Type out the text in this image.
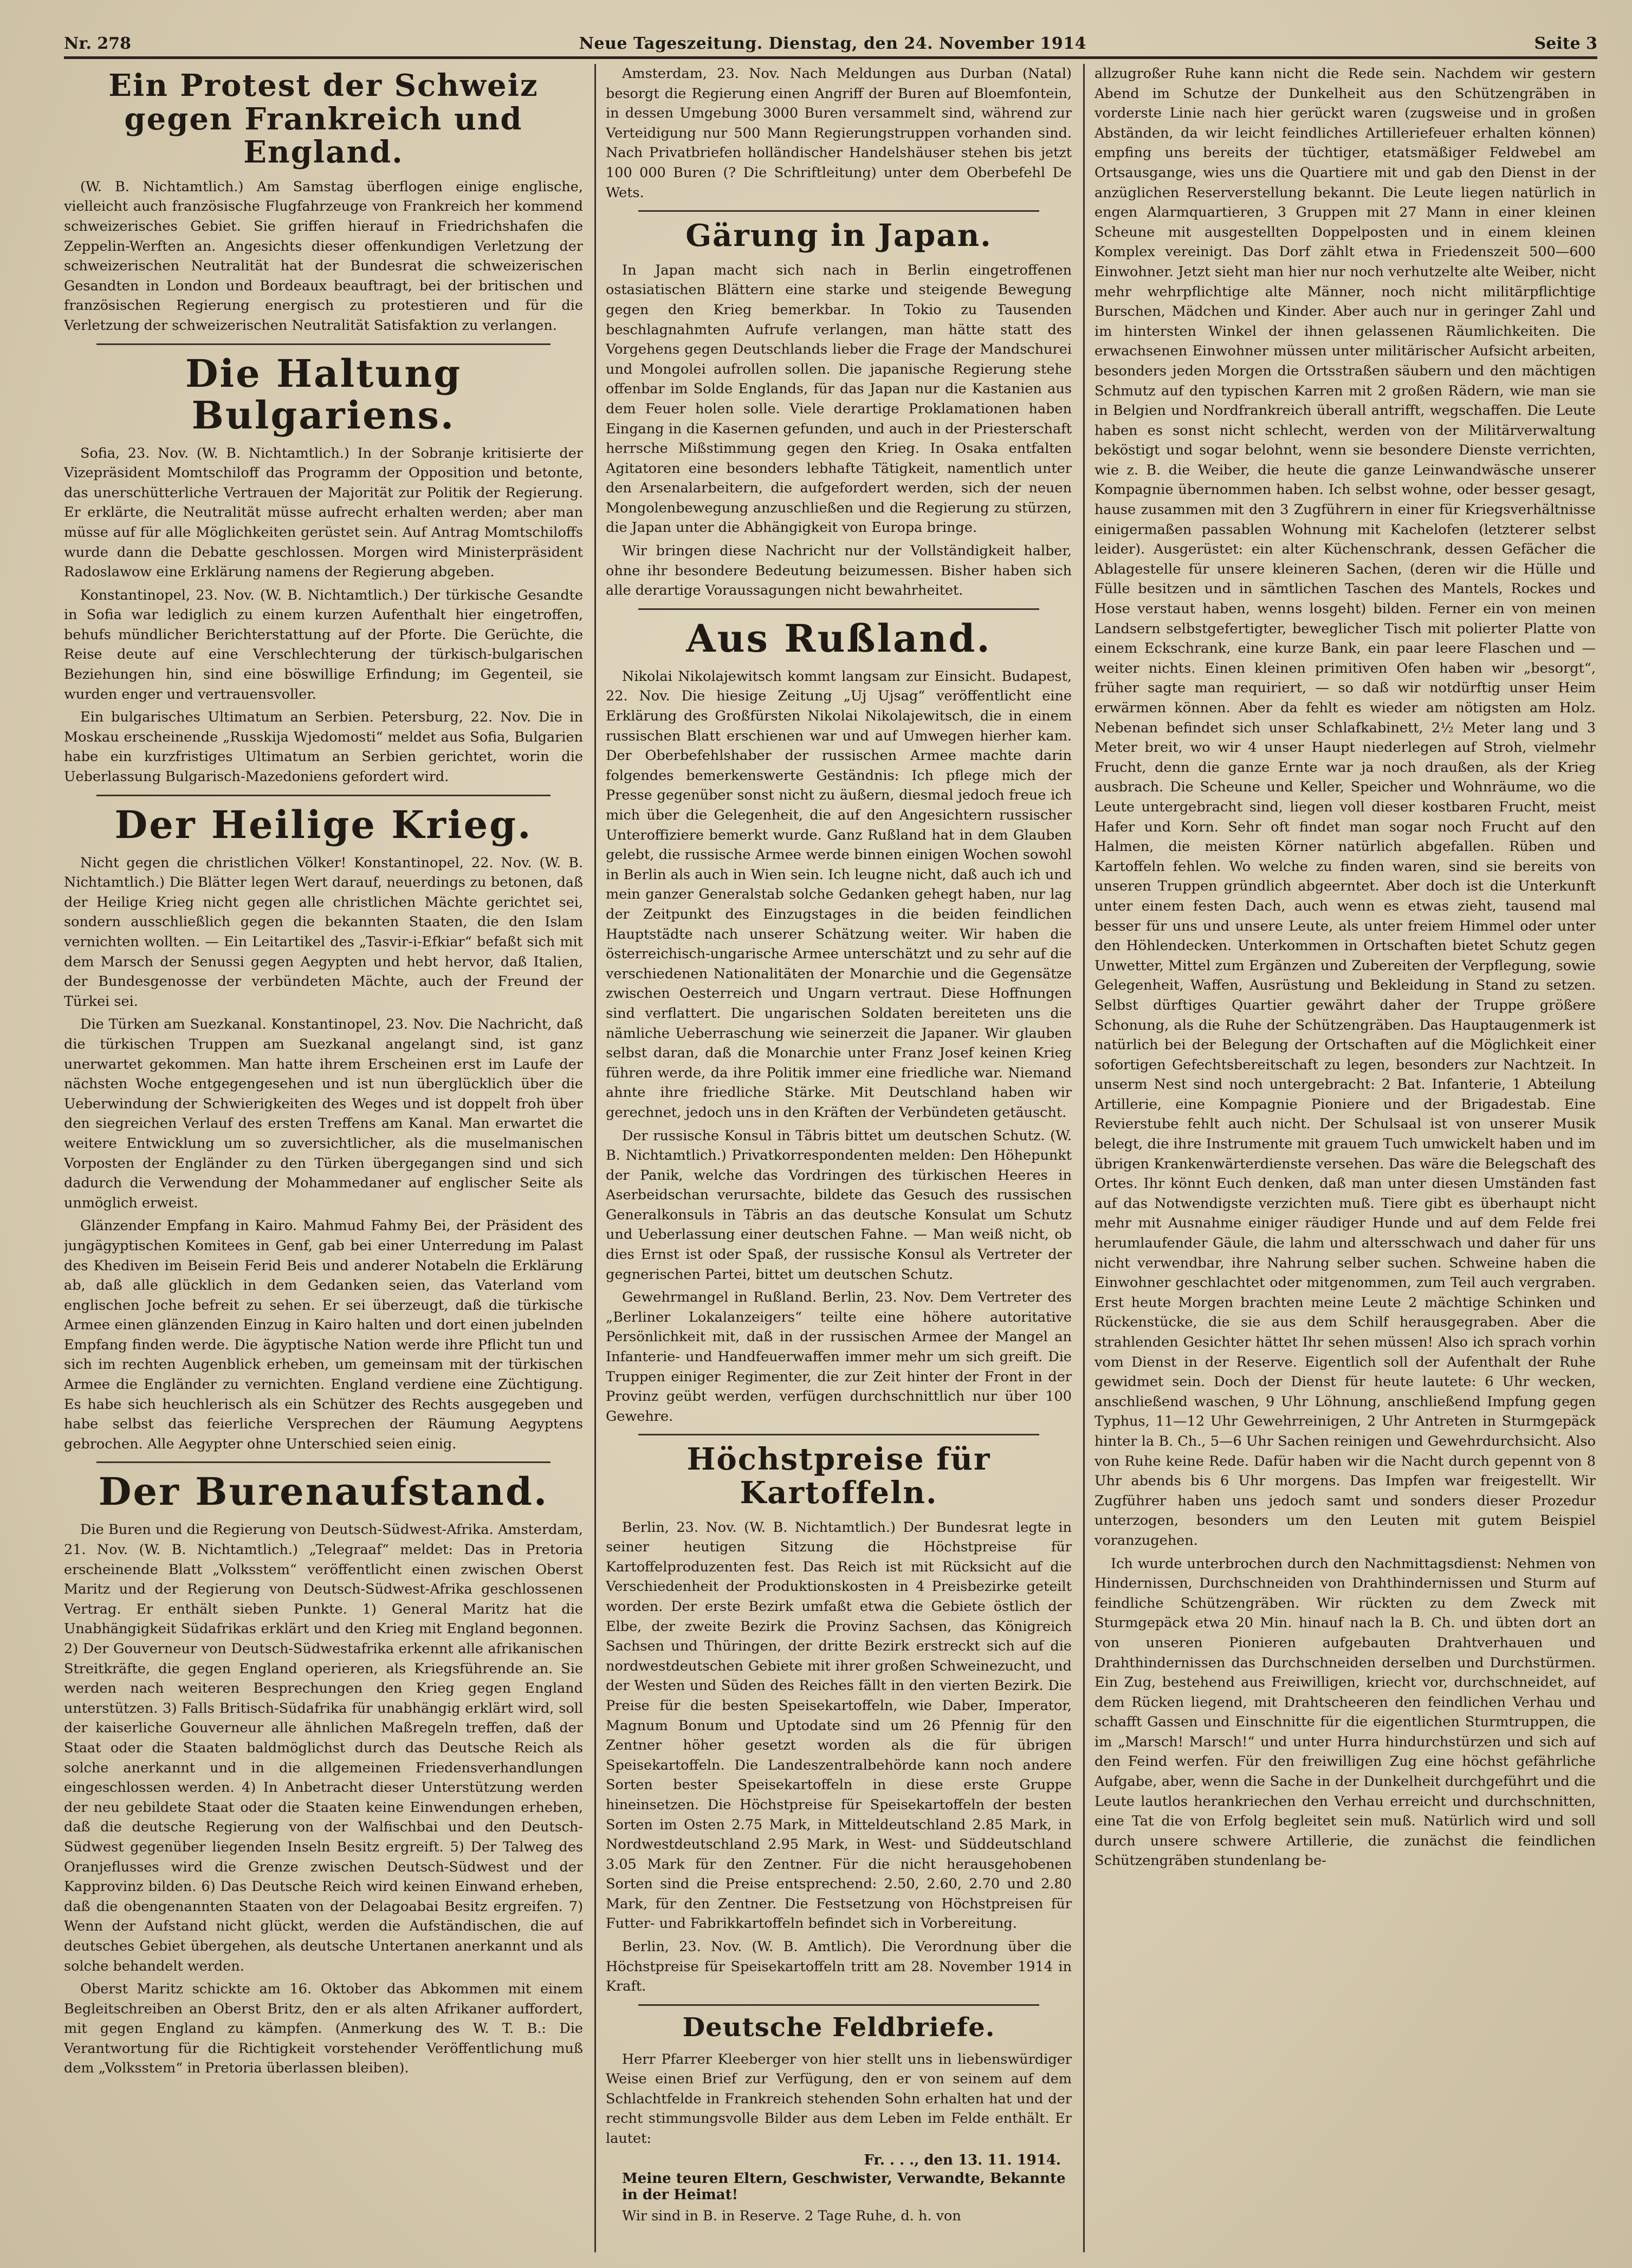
Nr. 278	Neue Tageszeitung. Dienstag, den 24. November 1914	Seite 3
Ein Protest der Schweiz gegen Frankreich und England.

(W. B. Nichtamtlich.) Am Samstag überflogen einige englische, vielleicht auch französische Flugfahrzeuge von Frankreich her kommend schweizerisches Gebiet. Sie griffen hierauf in Friedrichshafen die Zeppelin-Werften an. Angesichts dieser offenkundigen Verletzung der schweizerischen Neutralität hat der Bundesrat die schweizerischen Gesandten in London und Bordeaux beauftragt, bei der britischen und französischen Regierung energisch zu protestieren und für die Verletzung der schweizerischen Neutralität Satisfaktion zu verlangen.

Die Haltung Bulgariens.

Sofia, 23. Nov. (W. B. Nichtamtlich.) In der Sobranje kritisierte der Vizepräsident Momtschiloff das Programm der Opposition und betonte, das unerschütterliche Vertrauen der Majorität zur Politik der Regierung. Er erklärte, die Neutralität müsse aufrecht erhalten werden; aber man müsse auf für alle Möglichkeiten gerüstet sein. Auf Antrag Momtschiloffs wurde dann die Debatte geschlossen. Morgen wird Ministerpräsident Radoslawow eine Erklärung namens der Regierung abgeben.

Konstantinopel, 23. Nov. (W. B. Nichtamtlich.) Der türkische Gesandte in Sofia war lediglich zu einem kurzen Aufenthalt hier eingetroffen, behufs mündlicher Berichterstattung auf der Pforte. Die Gerüchte, die Reise deute auf eine Verschlechterung der türkisch-bulgarischen Beziehungen hin, sind eine böswillige Erfindung; im Gegenteil, sie wurden enger und vertrauensvoller.

Ein bulgarisches Ultimatum an Serbien. Petersburg, 22. Nov. Die in Moskau erscheinende „Russkija Wjedomosti“ meldet aus Sofia, Bulgarien habe ein kurzfristiges Ultimatum an Serbien gerichtet, worin die Ueberlassung Bulgarisch-Mazedoniens gefordert wird.

Der Heilige Krieg.

Nicht gegen die christlichen Völker! Konstantinopel, 22. Nov. (W. B. Nichtamtlich.) Die Blätter legen Wert darauf, neuerdings zu betonen, daß der Heilige Krieg nicht gegen alle christlichen Mächte gerichtet sei, sondern ausschließlich gegen die bekannten Staaten, die den Islam vernichten wollten. — Ein Leitartikel des „Tasvir-i-Efkiar“ befaßt sich mit dem Marsch der Senussi gegen Aegypten und hebt hervor, daß Italien, der Bundesgenosse der verbündeten Mächte, auch der Freund der Türkei sei.

Die Türken am Suezkanal. Konstantinopel, 23. Nov. Die Nachricht, daß die türkischen Truppen am Suezkanal angelangt sind, ist ganz unerwartet gekommen. Man hatte ihrem Erscheinen erst im Laufe der nächsten Woche entgegengesehen und ist nun überglücklich über die Ueberwindung der Schwierigkeiten des Weges und ist doppelt froh über den siegreichen Verlauf des ersten Treffens am Kanal. Man erwartet die weitere Entwicklung um so zuversichtlicher, als die muselmanischen Vorposten der Engländer zu den Türken übergegangen sind und sich dadurch die Verwendung der Mohammedaner auf englischer Seite als unmöglich erweist.

Glänzender Empfang in Kairo. Mahmud Fahmy Bei, der Präsident des jungägyptischen Komitees in Genf, gab bei einer Unterredung im Palast des Khediven im Beisein Ferid Beis und anderer Notabeln die Erklärung ab, daß alle glücklich in dem Gedanken seien, das Vaterland vom englischen Joche befreit zu sehen. Er sei überzeugt, daß die türkische Armee einen glänzenden Einzug in Kairo halten und dort einen jubelnden Empfang finden werde. Die ägyptische Nation werde ihre Pflicht tun und sich im rechten Augenblick erheben, um gemeinsam mit der türkischen Armee die Engländer zu vernichten. England verdiene eine Züchtigung. Es habe sich heuchlerisch als ein Schützer des Rechts ausgegeben und habe selbst das feierliche Versprechen der Räumung Aegyptens gebrochen. Alle Aegypter ohne Unterschied seien einig.

Der Burenaufstand.

Die Buren und die Regierung von Deutsch-Südwest-Afrika. Amsterdam, 21. Nov. (W. B. Nichtamtlich.) „Telegraaf“ meldet: Das in Pretoria erscheinende Blatt „Volksstem“ veröffentlicht einen zwischen Oberst Maritz und der Regierung von Deutsch-Südwest-Afrika geschlossenen Vertrag. Er enthält sieben Punkte. 1) General Maritz hat die Unabhängigkeit Südafrikas erklärt und den Krieg mit England begonnen. 2) Der Gouverneur von Deutsch-Südwestafrika erkennt alle afrikanischen Streitkräfte, die gegen England operieren, als Kriegsführende an. Sie werden nach weiteren Besprechungen den Krieg gegen England unterstützen. 3) Falls Britisch-Südafrika für unabhängig erklärt wird, soll der kaiserliche Gouverneur alle ähnlichen Maßregeln treffen, daß der Staat oder die Staaten baldmöglichst durch das Deutsche Reich als solche anerkannt und in die allgemeinen Friedensverhandlungen eingeschlossen werden. 4) In Anbetracht dieser Unterstützung werden der neu gebildete Staat oder die Staaten keine Einwendungen erheben, daß die deutsche Regierung von der Walfischbai und den Deutsch-Südwest gegenüber liegenden Inseln Besitz ergreift. 5) Der Talweg des Oranjeflusses wird die Grenze zwischen Deutsch-Südwest und der Kapprovinz bilden. 6) Das Deutsche Reich wird keinen Einwand erheben, daß die obengenannten Staaten von der Delagoabai Besitz ergreifen. 7) Wenn der Aufstand nicht glückt, werden die Aufständischen, die auf deutsches Gebiet übergehen, als deutsche Untertanen anerkannt und als solche behandelt werden.

Oberst Maritz schickte am 16. Oktober das Abkommen mit einem Begleitschreiben an Oberst Britz, den er als alten Afrikaner auffordert, mit gegen England zu kämpfen. (Anmerkung des W. T. B.: Die Verantwortung für die Richtigkeit vorstehender Veröffentlichung muß dem „Volksstem“ in Pretoria überlassen bleiben).

Amsterdam, 23. Nov. Nach Meldungen aus Durban (Natal) besorgt die Regierung einen Angriff der Buren auf Bloemfontein, in dessen Umgebung 3000 Buren versammelt sind, während zur Verteidigung nur 500 Mann Regierungstruppen vorhanden sind. Nach Privatbriefen holländischer Handelshäuser stehen bis jetzt 100 000 Buren (? Die Schriftleitung) unter dem Oberbefehl De Wets.

Gärung in Japan.

In Japan macht sich nach in Berlin eingetroffenen ostasiatischen Blättern eine starke und steigende Bewegung gegen den Krieg bemerkbar. In Tokio zu Tausenden beschlagnahmten Aufrufe verlangen, man hätte statt des Vorgehens gegen Deutschlands lieber die Frage der Mandschurei und Mongolei aufrollen sollen. Die japanische Regierung stehe offenbar im Solde Englands, für das Japan nur die Kastanien aus dem Feuer holen solle. Viele derartige Proklamationen haben Eingang in die Kasernen gefunden, und auch in der Priesterschaft herrsche Mißstimmung gegen den Krieg. In Osaka entfalten Agitatoren eine besonders lebhafte Tätigkeit, namentlich unter den Arsenalarbeitern, die aufgefordert werden, sich der neuen Mongolenbewegung anzuschließen und die Regierung zu stürzen, die Japan unter die Abhängigkeit von Europa bringe.

Wir bringen diese Nachricht nur der Vollständigkeit halber, ohne ihr besondere Bedeutung beizumessen. Bisher haben sich alle derartige Voraussagungen nicht bewahrheitet.

Aus Rußland.

Nikolai Nikolajewitsch kommt langsam zur Einsicht. Budapest, 22. Nov. Die hiesige Zeitung „Uj Ujsag“ veröffentlicht eine Erklärung des Großfürsten Nikolai Nikolajewitsch, die in einem russischen Blatt erschienen war und auf Umwegen hierher kam. Der Oberbefehlshaber der russischen Armee machte darin folgendes bemerkenswerte Geständnis: Ich pflege mich der Presse gegenüber sonst nicht zu äußern, diesmal jedoch freue ich mich über die Gelegenheit, die auf den Angesichtern russischer Unteroffiziere bemerkt wurde. Ganz Rußland hat in dem Glauben gelebt, die russische Armee werde binnen einigen Wochen sowohl in Berlin als auch in Wien sein. Ich leugne nicht, daß auch ich und mein ganzer Generalstab solche Gedanken gehegt haben, nur lag der Zeitpunkt des Einzugstages in die beiden feindlichen Hauptstädte nach unserer Schätzung weiter. Wir haben die österreichisch-ungarische Armee unterschätzt und zu sehr auf die verschiedenen Nationalitäten der Monarchie und die Gegensätze zwischen Oesterreich und Ungarn vertraut. Diese Hoffnungen sind verflattert. Die ungarischen Soldaten bereiteten uns die nämliche Ueberraschung wie seinerzeit die Japaner. Wir glauben selbst daran, daß die Monarchie unter Franz Josef keinen Krieg führen werde, da ihre Politik immer eine friedliche war. Niemand ahnte ihre friedliche Stärke. Mit Deutschland haben wir gerechnet, jedoch uns in den Kräften der Verbündeten getäuscht.

Der russische Konsul in Täbris bittet um deutschen Schutz. (W. B. Nichtamtlich.) Privatkorrespondenten melden: Den Höhepunkt der Panik, welche das Vordringen des türkischen Heeres in Aserbeidschan verursachte, bildete das Gesuch des russischen Generalkonsuls in Täbris an das deutsche Konsulat um Schutz und Ueberlassung einer deutschen Fahne. — Man weiß nicht, ob dies Ernst ist oder Spaß, der russische Konsul als Vertreter der gegnerischen Partei, bittet um deutschen Schutz.

Gewehrmangel in Rußland. Berlin, 23. Nov. Dem Vertreter des „Berliner Lokalanzeigers“ teilte eine höhere autoritative Persönlichkeit mit, daß in der russischen Armee der Mangel an Infanterie- und Handfeuerwaffen immer mehr um sich greift. Die Truppen einiger Regimenter, die zur Zeit hinter der Front in der Provinz geübt werden, verfügen durchschnittlich nur über 100 Gewehre.

Höchstpreise für Kartoffeln.

Berlin, 23. Nov. (W. B. Nichtamtlich.) Der Bundesrat legte in seiner heutigen Sitzung die Höchstpreise für Kartoffelproduzenten fest. Das Reich ist mit Rücksicht auf die Verschiedenheit der Produktionskosten in 4 Preisbezirke geteilt worden. Der erste Bezirk umfaßt etwa die Gebiete östlich der Elbe, der zweite Bezirk die Provinz Sachsen, das Königreich Sachsen und Thüringen, der dritte Bezirk erstreckt sich auf die nordwestdeutschen Gebiete mit ihrer großen Schweinezucht, und der Westen und Süden des Reiches fällt in den vierten Bezirk. Die Preise für die besten Speisekartoffeln, wie Daber, Imperator, Magnum Bonum und Uptodate sind um 26 Pfennig für den Zentner höher gesetzt worden als die für übrigen Speisekartoffeln. Die Landeszentralbehörde kann noch andere Sorten bester Speisekartoffeln in diese erste Gruppe hineinsetzen. Die Höchstpreise für Speisekartoffeln der besten Sorten im Osten 2.75 Mark, in Mitteldeutschland 2.85 Mark, in Nordwestdeutschland 2.95 Mark, in West- und Süddeutschland 3.05 Mark für den Zentner. Für die nicht herausgehobenen Sorten sind die Preise entsprechend: 2.50, 2.60, 2.70 und 2.80 Mark, für den Zentner. Die Festsetzung von Höchstpreisen für Futter- und Fabrikkartoffeln befindet sich in Vorbereitung.

Berlin, 23. Nov. (W. B. Amtlich). Die Verordnung über die Höchstpreise für Speisekartoffeln tritt am 28. November 1914 in Kraft.

Deutsche Feldbriefe.

Herr Pfarrer Kleeberger von hier stellt uns in liebenswürdiger Weise einen Brief zur Verfügung, den er von seinem auf dem Schlachtfelde in Frankreich stehenden Sohn erhalten hat und der recht stimmungsvolle Bilder aus dem Leben im Felde enthält. Er lautet:

Fr. . . ., den 13. 11. 1914.
Meine teuren Eltern, Geschwister, Verwandte, Bekannte in der Heimat!

Wir sind in B. in Reserve. 2 Tage Ruhe, d. h. von

allzugroßer Ruhe kann nicht die Rede sein. Nachdem wir gestern Abend im Schutze der Dunkelheit aus den Schützengräben in vorderste Linie nach hier gerückt waren (zugsweise und in großen Abständen, da wir leicht feindliches Artilleriefeuer erhalten können) empfing uns bereits der tüchtiger, etatsmäßiger Feldwebel am Ortsausgange, wies uns die Quartiere mit und gab den Dienst in der anzüglichen Reserverstellung bekannt. Die Leute liegen natürlich in engen Alarmquartieren, 3 Gruppen mit 27 Mann in einer kleinen Scheune mit ausgestellten Doppelposten und in einem kleinen Komplex vereinigt. Das Dorf zählt etwa in Friedenszeit 500—600 Einwohner. Jetzt sieht man hier nur noch verhutzelte alte Weiber, nicht mehr wehrpflichtige alte Männer, noch nicht militärpflichtige Burschen, Mädchen und Kinder. Aber auch nur in geringer Zahl und im hintersten Winkel der ihnen gelassenen Räumlichkeiten. Die erwachsenen Einwohner müssen unter militärischer Aufsicht arbeiten, besonders jeden Morgen die Ortsstraßen säubern und den mächtigen Schmutz auf den typischen Karren mit 2 großen Rädern, wie man sie in Belgien und Nordfrankreich überall antrifft, wegschaffen. Die Leute haben es sonst nicht schlecht, werden von der Militärverwaltung beköstigt und sogar belohnt, wenn sie besondere Dienste verrichten, wie z. B. die Weiber, die heute die ganze Leinwandwäsche unserer Kompagnie übernommen haben. Ich selbst wohne, oder besser gesagt, hause zusammen mit den 3 Zugführern in einer für Kriegsverhältnisse einigermaßen passablen Wohnung mit Kachelofen (letzterer selbst leider). Ausgerüstet: ein alter Küchenschrank, dessen Gefächer die Ablagestelle für unsere kleineren Sachen, (deren wir die Hülle und Fülle besitzen und in sämtlichen Taschen des Mantels, Rockes und Hose verstaut haben, wenns losgeht) bilden. Ferner ein von meinen Landsern selbstgefertigter, beweglicher Tisch mit polierter Platte von einem Eckschrank, eine kurze Bank, ein paar leere Flaschen und — weiter nichts. Einen kleinen primitiven Ofen haben wir „besorgt“, früher sagte man requiriert, — so daß wir notdürftig unser Heim erwärmen können. Aber da fehlt es wieder am nötigsten am Holz. Nebenan befindet sich unser Schlafkabinett, 2½ Meter lang und 3 Meter breit, wo wir 4 unser Haupt niederlegen auf Stroh, vielmehr Frucht, denn die ganze Ernte war ja noch draußen, als der Krieg ausbrach. Die Scheune und Keller, Speicher und Wohnräume, wo die Leute untergebracht sind, liegen voll dieser kostbaren Frucht, meist Hafer und Korn. Sehr oft findet man sogar noch Frucht auf den Halmen, die meisten Körner natürlich abgefallen. Rüben und Kartoffeln fehlen. Wo welche zu finden waren, sind sie bereits von unseren Truppen gründlich abgeerntet. Aber doch ist die Unterkunft unter einem festen Dach, auch wenn es etwas zieht, tausend mal besser für uns und unsere Leute, als unter freiem Himmel oder unter den Höhlendecken. Unterkommen in Ortschaften bietet Schutz gegen Unwetter, Mittel zum Ergänzen und Zubereiten der Verpflegung, sowie Gelegenheit, Waffen, Ausrüstung und Bekleidung in Stand zu setzen. Selbst dürftiges Quartier gewährt daher der Truppe größere Schonung, als die Ruhe der Schützengräben. Das Hauptaugenmerk ist natürlich bei der Belegung der Ortschaften auf die Möglichkeit einer sofortigen Gefechtsbereitschaft zu legen, besonders zur Nachtzeit. In unserm Nest sind noch untergebracht: 2 Bat. Infanterie, 1 Abteilung Artillerie, eine Kompagnie Pioniere und der Brigadestab. Eine Revierstube fehlt auch nicht. Der Schulsaal ist von unserer Musik belegt, die ihre Instrumente mit grauem Tuch umwickelt haben und im übrigen Krankenwärterdienste versehen. Das wäre die Belegschaft des Ortes. Ihr könnt Euch denken, daß man unter diesen Umständen fast auf das Notwendigste verzichten muß. Tiere gibt es überhaupt nicht mehr mit Ausnahme einiger räudiger Hunde und auf dem Felde frei herumlaufender Gäule, die lahm und altersschwach und daher für uns nicht verwendbar, ihre Nahrung selber suchen. Schweine haben die Einwohner geschlachtet oder mitgenommen, zum Teil auch vergraben. Erst heute Morgen brachten meine Leute 2 mächtige Schinken und Rückenstücke, die sie aus dem Schilf herausgegraben. Aber die strahlenden Gesichter hättet Ihr sehen müssen! Also ich sprach vorhin vom Dienst in der Reserve. Eigentlich soll der Aufenthalt der Ruhe gewidmet sein. Doch der Dienst für heute lautete: 6 Uhr wecken, anschließend waschen, 9 Uhr Löhnung, anschließend Impfung gegen Typhus, 11—12 Uhr Gewehrreinigen, 2 Uhr Antreten in Sturmgepäck hinter la B. Ch., 5—6 Uhr Sachen reinigen und Gewehrdurchsicht. Also von Ruhe keine Rede. Dafür haben wir die Nacht durch gepennt von 8 Uhr abends bis 6 Uhr morgens. Das Impfen war freigestellt. Wir Zugführer haben uns jedoch samt und sonders dieser Prozedur unterzogen, besonders um den Leuten mit gutem Beispiel voranzugehen.

Ich wurde unterbrochen durch den Nachmittagsdienst: Nehmen von Hindernissen, Durchschneiden von Drahthindernissen und Sturm auf feindliche Schützengräben. Wir rückten zu dem Zweck mit Sturmgepäck etwa 20 Min. hinauf nach la B. Ch. und übten dort an von unseren Pionieren aufgebauten Drahtverhauen und Drahthindernissen das Durchschneiden derselben und Durchstürmen. Ein Zug, bestehend aus Freiwilligen, kriecht vor, durchschneidet, auf dem Rücken liegend, mit Drahtscheeren den feindlichen Verhau und schafft Gassen und Einschnitte für die eigentlichen Sturmtruppen, die im „Marsch! Marsch!“ und unter Hurra hindurchstürzen und sich auf den Feind werfen. Für den freiwilligen Zug eine höchst gefährliche Aufgabe, aber, wenn die Sache in der Dunkelheit durchgeführt und die Leute lautlos herankriechen den Verhau erreicht und durchschnitten, eine Tat die von Erfolg begleitet sein muß. Natürlich wird und soll durch unsere schwere Artillerie, die zunächst die feindlichen Schützengräben stundenlang be-
